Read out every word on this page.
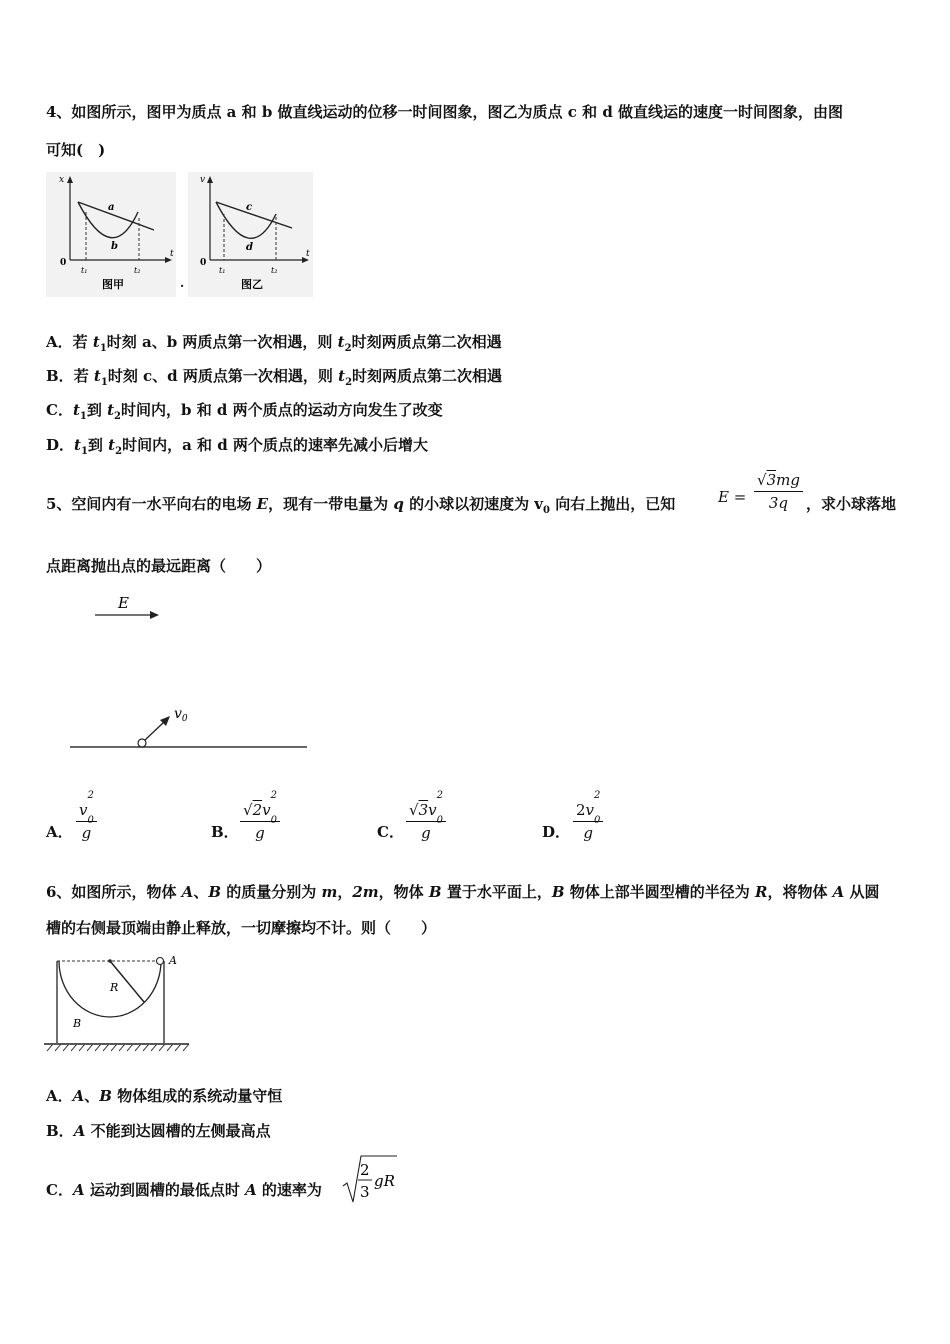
4、如图所示，图甲为质点 a 和 b 做直线运动的位移一时间图象，图乙为质点 c 和 d 做直线运的速度一时间图象，由图
可知(　)
x
0
t
t₁	t₂
a
b
图甲	·
v
0
t
t₁	t₂
c
d
图乙
A．若 $t_1$时刻 a、b 两质点第一次相遇，则 $t_2$时刻两质点第二次相遇
B．若 $t_1$时刻 c、d 两质点第一次相遇，则 $t_2$时刻两质点第二次相遇
C．$t_1$到 $t_2$时间内，b 和 d 两个质点的运动方向发生了改变
D．$t_1$到 $t_2$时间内，a 和 d 两个质点的速率先减小后增大
5、空间内有一水平向右的电场 E，现有一带电量为 q 的小球以初速度为 $v_0$ 向右上抛出，已知	$E = \frac{√3mg}{3q}$ ，求小球落地
点距离抛出点的最远距离（　　）
E
$v_0$
A． v
2
$_0$
g	B． √2v
2
$_0$
g	C． √3v
2
$_0$
g	D． 2v
2
$_0$
g
6、如图所示，物体 A、B 的质量分别为 m，2m，物体 B 置于水平面上，B 物体上部半圆型槽的半径为 R，将物体 A 从圆
槽的右侧最顶端由静止释放，一切摩擦均不计。则（　　）
A
R
B
A．A、B 物体组成的系统动量守恒
B．A 不能到达圆槽的左侧最高点
C．A 运动到圆槽的最低点时 A 的速率为
2
3
gR
